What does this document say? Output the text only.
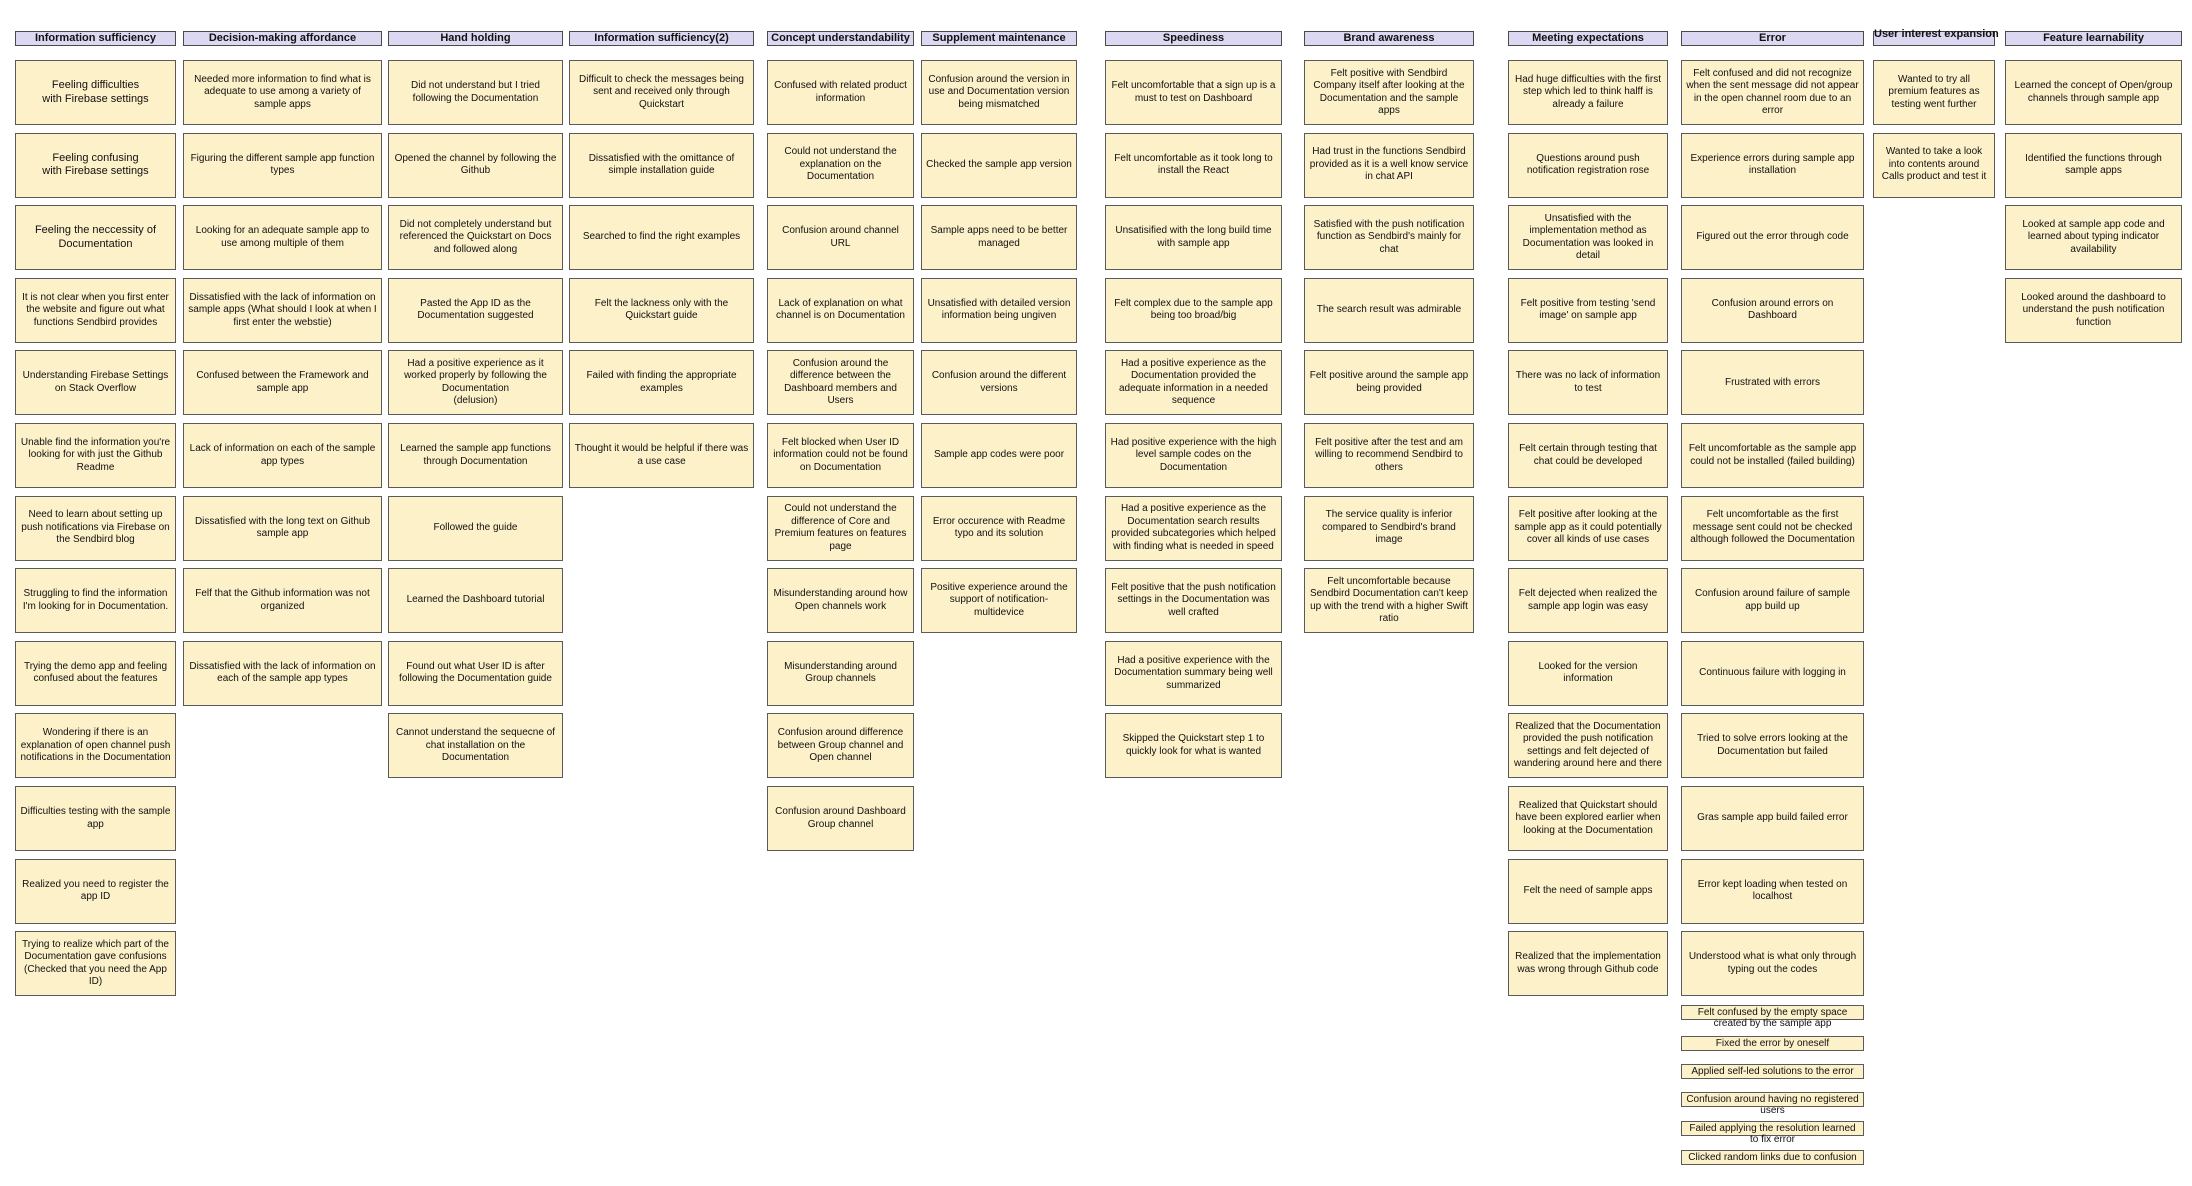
Information sufficiency
Feeling difficulties
with Firebase settings
Feeling confusing
with Firebase settings
Feeling the neccessity of
Documentation
It is not clear when you first enter the website and figure out what functions Sendbird provides
Understanding Firebase Settings on Stack Overflow
Unable find the information you're looking for with just the Github Readme
Need to learn about setting up push notifications via Firebase on the Sendbird blog
Struggling to find the information I'm looking for in Documentation.
Trying the demo app and feeling confused about the features
Wondering if there is an explanation of open channel push notifications in the Documentation
Difficulties testing with the sample app
Realized you need to register the app ID
Trying to realize which part of the Documentation gave confusions (Checked that you need the App ID)
Decision-making affordance
Needed more information to find what is adequate to use among a variety of sample apps
Figuring the different sample app function types
Looking for an adequate sample app to use among multiple of them
Dissatisfied with the lack of information on sample apps (What should I look at when I first enter the webstie)
Confused between the Framework and sample app
Lack of information on each of the sample app types
Dissatisfied with the long text on Github sample app
Felf that the Github information was not organized
Dissatisfied with the lack of information on each of the sample app types
Hand holding
Did not understand but I tried following the Documentation
Opened the channel by following the Github
Did not completely understand but referenced the Quickstart on Docs and followed along
Pasted the App ID as the Documentation suggested
Had a positive experience as it worked properly by following the Documentation
(delusion)
Learned the sample app functions through Documentation
Followed the guide
Learned the Dashboard tutorial
Found out what User ID is after following the Documentation guide
Cannot understand the sequecne of chat installation on the Documentation
Information sufficiency(2)
Difficult to check the messages being sent and received only through Quickstart
Dissatisfied with the omittance of simple installation guide
Searched to find the right examples
Felt the lackness only with the Quickstart guide
Failed with finding the appropriate examples
Thought it would be helpful if there was a use case
Concept understandability
Confused with related product information
Could not understand the explanation on the Documentation
Confusion around channel URL
Lack of explanation on what channel is on Documentation
Confusion around the difference between the Dashboard members and Users
Felt blocked when User ID information could not be found on Documentation
Could not understand the difference of Core and Premium features on features page
Misunderstanding around how Open channels work
Misunderstanding around Group channels
Confusion around difference between Group channel and Open channel
Confusion around Dashboard Group channel
Supplement maintenance
Confusion around the version in use and Documentation version being mismatched
Checked the sample app version
Sample apps need to be better managed
Unsatisfied with detailed version information being ungiven
Confusion around the different versions
Sample app codes were poor
Error occurence with Readme typo and its solution
Positive experience around the support of notification-multidevice
Speediness
Felt uncomfortable that a sign up is a must to test on Dashboard
Felt uncomfortable as it took long to install the React
Unsatisified with the long build time with sample app
Felt complex due to the sample app being too broad/big
Had a positive experience as the Documentation provided the adequate information in a needed sequence
Had positive experience with the high level sample codes on the Documentation
Had a positive experience as the Documentation search results provided subcategories which helped with finding what is needed in speed
Felt positive that the push notification settings in the Documentation was well crafted
Had a positive experience with the Documentation summary being well summarized
Skipped the Quickstart step 1 to quickly look for what is wanted
Brand awareness
Felt positive with Sendbird Company itself after looking at the Documentation and the sample apps
Had trust in the functions Sendbird provided as it is a well know service in chat API
Satisfied with the push notification function as Sendbird's mainly for chat
The search result was admirable
Felt positive around the sample app being provided
Felt positive after the test and am willing to recommend Sendbird to others
The service quality is inferior compared to Sendbird's brand image
Felt uncomfortable because Sendbird Documentation can't keep up with the trend with a higher Swift ratio
Meeting expectations
Had huge difficulties with the first step which led to think halff is already a failure
Questions around push notification registration rose
Unsatisfied with the implementation method as Documentation was looked in detail
Felt positive from testing 'send image' on sample app
There was no lack of information to test
Felt certain through testing that chat could be developed
Felt positive after looking at the sample app as it could potentially cover all kinds of use cases
Felt dejected when realized the sample app login was easy
Looked for the version information
Realized that the Documentation provided the push notification settings and felt dejected of wandering around here and there
Realized that Quickstart should have been explored earlier when looking at the Documentation
Felt the need of sample apps
Realized that the implementation was wrong through Github code
Error
Felt confused and did not recognize when the sent message did not appear in the open channel room due to an error
Experience errors during sample app installation
Figured out the error through code
Confusion around errors on Dashboard
Frustrated with errors
Felt uncomfortable as the sample app could not be installed (failed building)
Felt uncomfortable as the first message sent could not be checked although followed the Documentation
Confusion around failure of sample app build up
Continuous failure with logging in
Tried to solve errors looking at the Documentation but failed
Gras sample app build failed error
Error kept loading when tested on localhost
Understood what is what only through typing out the codes
Felt confused by the empty space created by the sample app
Fixed the error by oneself
Applied self-led solutions to the error
Confusion around having no registered users
Failed applying the resolution learned to fix error
Clicked random links due to confusion
User interest expansion
Wanted to try all premium features as testing went further
Wanted to take a look into contents around Calls product and test it
Feature learnability
Learned the concept of Open/group channels through sample app
Identified the functions through sample apps
Looked at sample app code and learned about typing indicator availability
Looked around the dashboard to understand the push notification function
